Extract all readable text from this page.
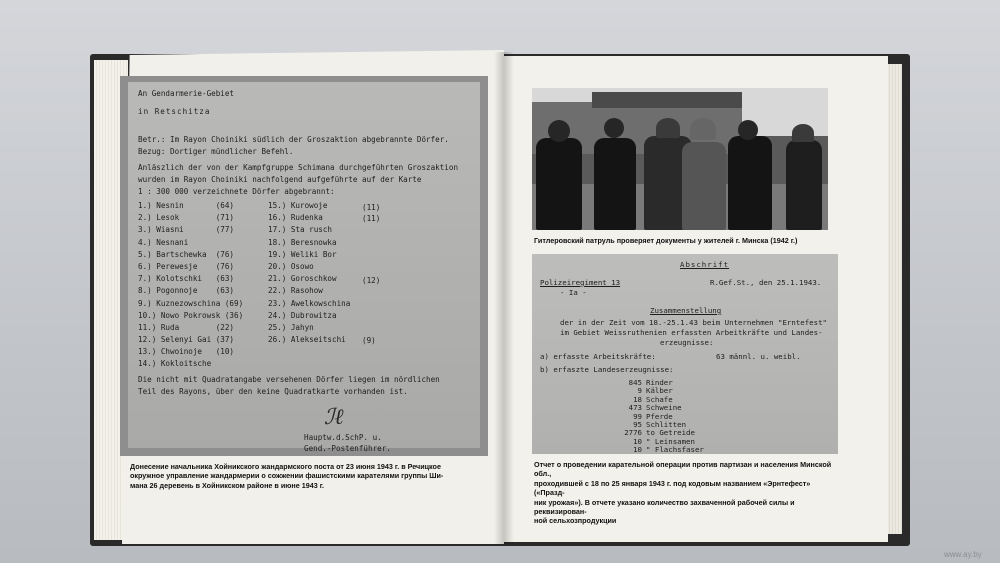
An Gendarmerie-Gebiet
in Retschitza
Betr.: Im Rayon Choiniki südlich der Groszaktion abgebrannte Dörfer.
Bezug: Dortiger mündlicher Befehl.
Anläszlich der von der Kampfgruppe Schimana durchgeführten Groszaktion
wurden im Rayon Choiniki nachfolgend aufgeführte auf der Karte
1 : 300 000 verzeichnete Dörfer abgebrannt:
1.) Nesnin       (64)
2.) Lesok        (71)
3.) Wiasni       (77)
4.) Nesnani
5.) Bartschewka  (76)
6.) Perewesje    (76)
7.) Kolotschki   (63)
8.) Pogonnoje    (63)
9.) Kuznezowschina (69)
10.) Nowo Pokrowsk (36)
11.) Ruda        (22)
12.) Selenyi Gai (37)
13.) Chwoinoje   (10)
14.) Kokloitsche
15.) Kurowoje
16.) Rudenka
17.) Sta rusch
18.) Beresnowka
19.) Weliki Bor
20.) Osowo
21.) Goroschkow
22.) Rasohow
23.) Awelkowschina
24.) Dubrowitza
25.) Jahyn
26.) Alekseitschi
(11)
(11)
(12)
(9)
Die nicht mit Quadratangabe versehenen Dörfer liegen im nördlichen
Teil des Rayons, über den keine Quadratkarte vorhanden ist.
ℐℓ
Hauptw.d.SchP. u.
Gend.-Postenführer.
Донесение начальника Хойникского жандармского поста от 23 июня 1943 г. в Речицкое
окружное управление жандармерии о сожжении фашистскими карателями группы Ши-
мана 26 деревень в Хойникском районе в июне 1943 г.
Гитлеровский патруль проверяет документы у жителей г. Минска (1942 г.)
Abschrift
Polizeiregiment 13
- Ia -
R.Gef.St., den 25.1.1943.
Zusammenstellung
der in der Zeit vom 18.-25.1.43 beim Unternehmen "Erntefest"
im Gebiet Weissruthenien erfassten Arbeitkräfte und Landes-
erzeugnisse:
a) erfasste Arbeitskräfte:	63 männl. u. weibl.
b) erfaszte Landeserzeugnisse:
845 Rinder
9 Kälber
18 Schafe
473 Schweine
99 Pferde
95 Schlitten
2776 to Getreide
10 " Leinsamen
10 " Flachsfaser
Отчет о проведении карательной операции против партизан и населения Минской обл.,
проходившей с 18 по 25 января 1943 г. под кодовым названием «Эрнтефест» («Празд-
ник урожая»). В отчете указано количество захваченной рабочей силы и реквизирован-
ной сельхозпродукции
www.ay.by
